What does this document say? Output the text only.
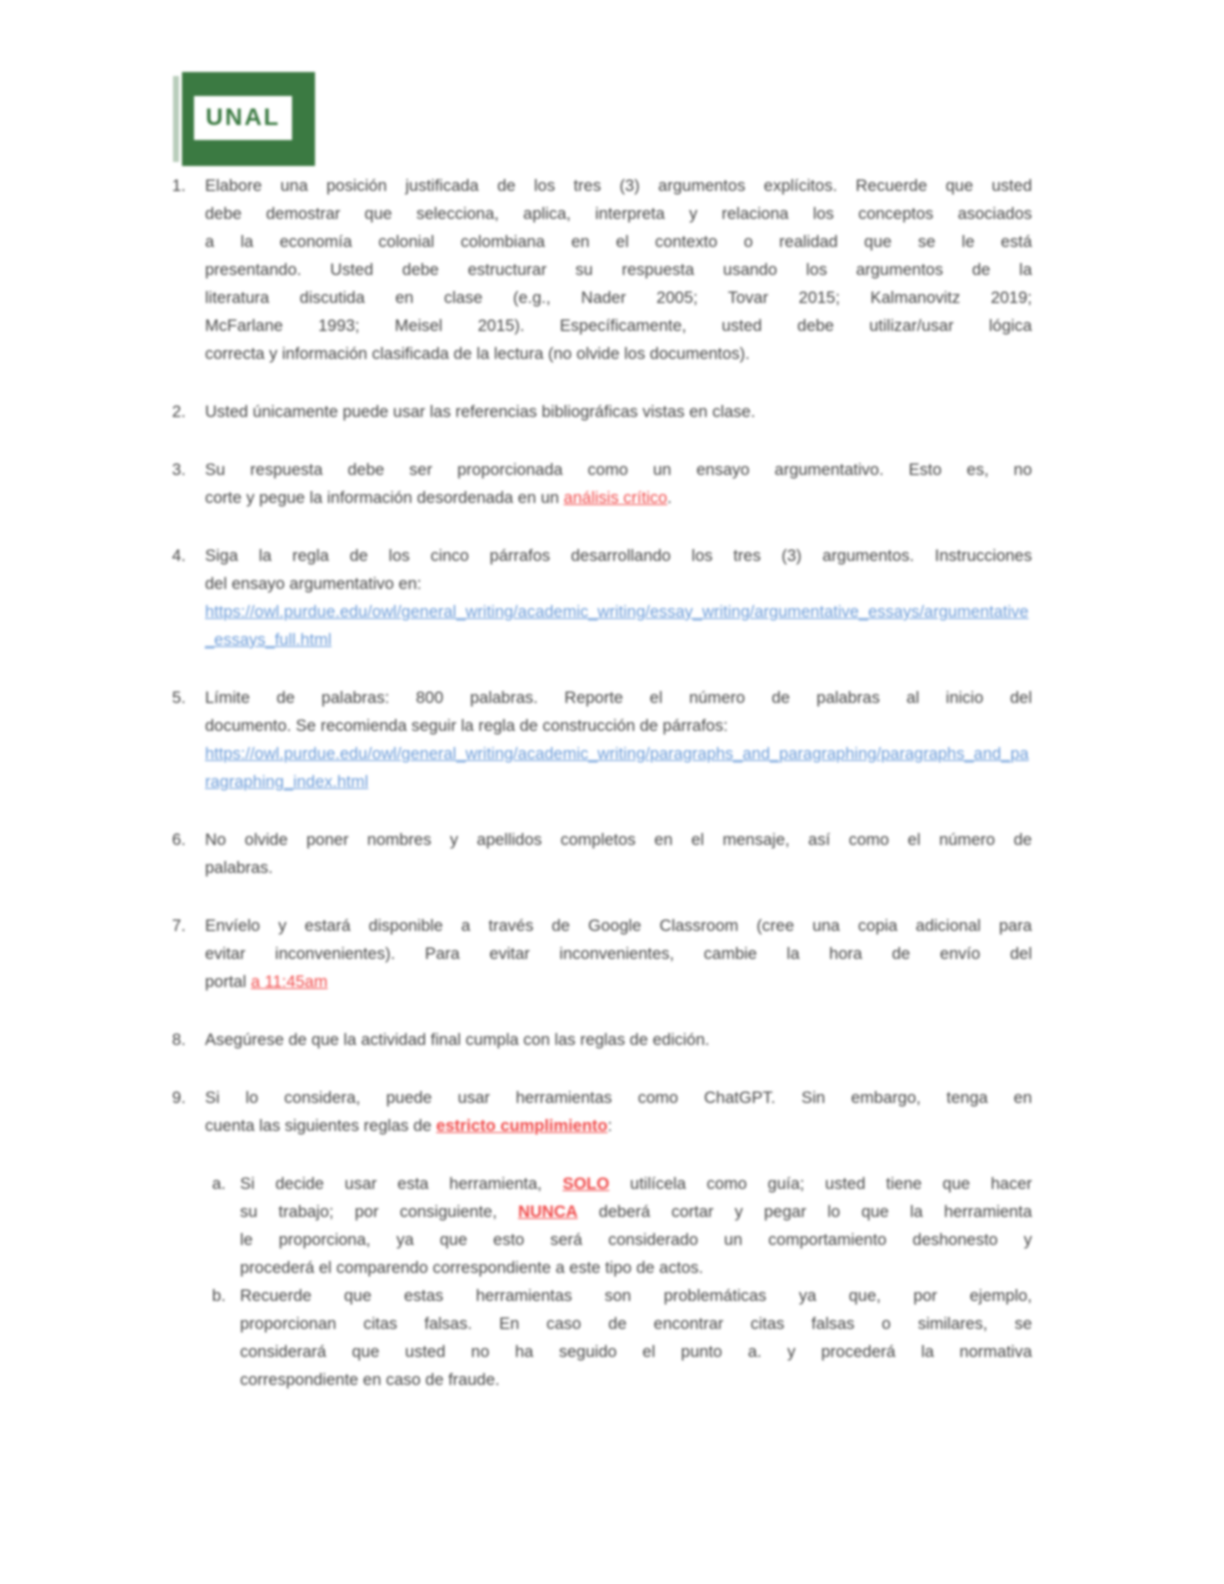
UNAL
1.	Elabore una posición justificada de los tres (3) argumentos explícitos. Recuerde que usted
debe demostrar que selecciona, aplica, interpreta y relaciona los conceptos asociados
a la economía colonial colombiana en el contexto o realidad que se le está
presentando. Usted debe estructurar su respuesta usando los argumentos de la
literatura discutida en clase (e.g., Nader 2005; Tovar 2015; Kalmanovitz 2019;
McFarlane 1993; Meisel 2015). Específicamente, usted debe utilizar/usar lógica
correcta y información clasificada de la lectura (no olvide los documentos).
2.	Usted únicamente puede usar las referencias bibliográficas vistas en clase.
3.	Su respuesta debe ser proporcionada como un ensayo argumentativo. Esto es, no
corte y pegue la información desordenada en un análisis crítico.
4.	Siga la regla de los cinco párrafos desarrollando los tres (3) argumentos. Instrucciones
del ensayo argumentativo en:
https://owl.purdue.edu/owl/general_writing/academic_writing/essay_writing/argumentative_essays/argumentative_essays_full.html
5.	Límite de palabras: 800 palabras. Reporte el número de palabras al inicio del
documento. Se recomienda seguir la regla de construcción de párrafos:
https://owl.purdue.edu/owl/general_writing/academic_writing/paragraphs_and_paragraphing/paragraphs_and_paragraphing_index.html
6.	No olvide poner nombres y apellidos completos en el mensaje, así como el número de
palabras.
7.	Envíelo y estará disponible a través de Google Classroom (cree una copia adicional para
evitar inconvenientes). Para evitar inconvenientes, cambie la hora de envío del
portal a 11:45am
8.	Asegúrese de que la actividad final cumpla con las reglas de edición.
9.	Si lo considera, puede usar herramientas como ChatGPT. Sin embargo, tenga en
cuenta las siguientes reglas de estricto cumplimiento:
a. Si decide usar esta herramienta, SOLO utilícela como guía; usted tiene que hacer
su trabajo; por consiguiente, NUNCA deberá cortar y pegar lo que la herramienta
le proporciona, ya que esto será considerado un comportamiento deshonesto y
procederá el comparendo correspondiente a este tipo de actos.
b. Recuerde que estas herramientas son problemáticas ya que, por ejemplo,
proporcionan citas falsas. En caso de encontrar citas falsas o similares, se
considerará que usted no ha seguido el punto a. y procederá la normativa
correspondiente en caso de fraude.
